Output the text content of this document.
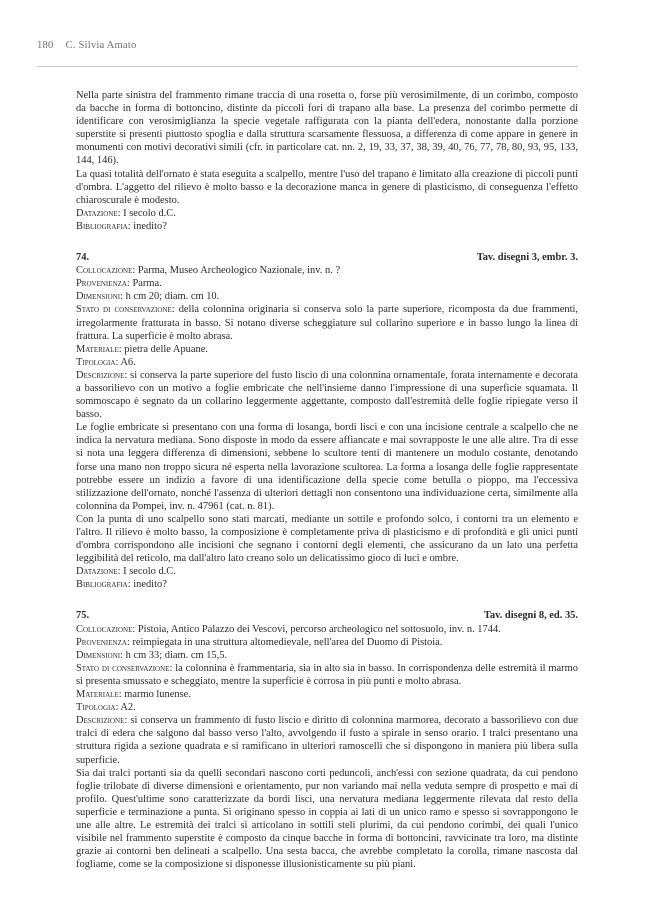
180 C. Silvia Amato

Nella parte sinistra del frammento rimane traccia di una rosetta o, forse più verosimilmente, di un corimbo, composto da bacche in forma di bottoncino, distinte da piccoli fori di trapano alla base. La presenza del corimbo permette di identificare con verosimiglianza la specie vegetale raffigurata con la pianta dell'edera, nonostante dalla porzione superstite si presenti piuttosto spoglia e dalla struttura scarsamente flessuosa, a differenza di come appare in genere in monumenti con motivi decorativi simili (cfr. in particolare cat. nn. 2, 19, 33, 37, 38, 39, 40, 76, 77, 78, 80, 93, 95, 133, 144, 146).

La quasi totalità dell'ornato è stata eseguita a scalpello, mentre l'uso del trapano è limitato alla creazione di piccoli punti d'ombra. L'aggetto del rilievo è molto basso e la decorazione manca in genere di plasticismo, di conseguenza l'effetto chiaroscurale è modesto.

Datazione: I secolo d.C.

Bibliografia: inedito?

74.	Tav. disegni 3, embr. 3.

Collocazione: Parma, Museo Archeologico Nazionale, inv. n. ?

Provenienza: Parma.

Dimensioni: h cm 20; diam. cm 10.

Stato di conservazione: della colonnina originaria si conserva solo la parte superiore, ricomposta da due frammenti, irregolarmente fratturata in basso. Si notano diverse scheggiature sul collarino superiore e in basso lungo la linea di frattura. La superficie è molto abrasa.

Materiale: pietra delle Apuane.

Tipologia: A6.

Descrizione: si conserva la parte superiore del fusto liscio di una colonnina ornamentale, forata internamente e decorata a bassorilievo con un motivo a foglie embricate che nell'insieme danno l'impressione di una superficie squamata. Il sommoscapo è segnato da un collarino leggermente aggettante, composto dall'estremità delle foglie ripiegate verso il basso.

Le foglie embricate si presentano con una forma di losanga, bordi lisci e con una incisione centrale a scalpello che ne indica la nervatura mediana. Sono disposte in modo da essere affiancate e mai sovrapposte le une alle altre. Tra di esse si nota una leggera differenza di dimensioni, sebbene lo scultore tenti di mantenere un modulo costante, denotando forse una mano non troppo sicura né esperta nella lavorazione scultorea. La forma a losanga delle foglie rappresentate potrebbe essere un indizio a favore di una identificazione della specie come betulla o pioppo, ma l'eccessiva stilizzazione dell'ornato, nonché l'assenza di ulteriori dettagli non consentono una individuazione certa, similmente alla colonnina da Pompei, inv. n. 47961 (cat. n. 81).

Con la punta di uno scalpello sono stati marcati, mediante un sottile e profondo solco, i contorni tra un elemento e l'altro. Il rilievo è molto basso, la composizione è completamente priva di plasticismo e di profondità e gli unici punti d'ombra corrispondono alle incisioni che segnano i contorni degli elementi, che assicurano da un lato una perfetta leggibilità del reticolo, ma dall'altro lato creano solo un delicatissimo gioco di luci e ombre.

Datazione: I secolo d.C.

Bibliografia: inedito?

75.	Tav. disegni 8, ed. 35.

Collocazione: Pistoia, Antico Palazzo dei Vescovi, percorso archeologico nel sottosuolo, inv. n. 1744.

Provenienza: reimpiegata in una struttura altomedievale, nell'area del Duomo di Pistoia.

Dimensioni: h cm 33; diam. cm 15,5.

Stato di conservazione: la colonnina è frammentaria, sia in alto sia in basso. In corrispondenza delle estremità il marmo si presenta smussato e scheggiato, mentre la superficie è corrosa in più punti e molto abrasa.

Materiale: marmo lunense.

Tipologia: A2.

Descrizione: si conserva un frammento di fusto liscio e diritto di colonnina marmorea, decorato a bassorilievo con due tralci di edera che salgono dal basso verso l'alto, avvolgendo il fusto a spirale in senso orario. I tralci presentano una struttura rigida a sezione quadrata e si ramificano in ulteriori ramoscelli che si dispongono in maniera più libera sulla superficie.

Sia dai tralci portanti sia da quelli secondari nascono corti peduncoli, anch'essi con sezione quadrata, da cui pendono foglie trilobate di diverse dimensioni e orientamento, pur non variando mai nella veduta sempre di prospetto e mai di profilo. Quest'ultime sono caratterizzate da bordi lisci, una nervatura mediana leggermente rilevata dal resto della superficie e terminazione a punta. Si originano spesso in coppia ai lati di un unico ramo e spesso si sovrappongono le une alle altre. Le estremità dei tralci si articolano in sottili steli plurimi, da cui pendono corimbi, dei quali l'unico visibile nel frammento superstite è composto da cinque bacche in forma di bottoncini, ravvicinate tra loro, ma distinte grazie ai contorni ben delineati a scalpello. Una sesta bacca, che avrebbe completato la corolla, rimane nascosta dal fogliame, come se la composizione si disponesse illusionisticamente su più piani.
